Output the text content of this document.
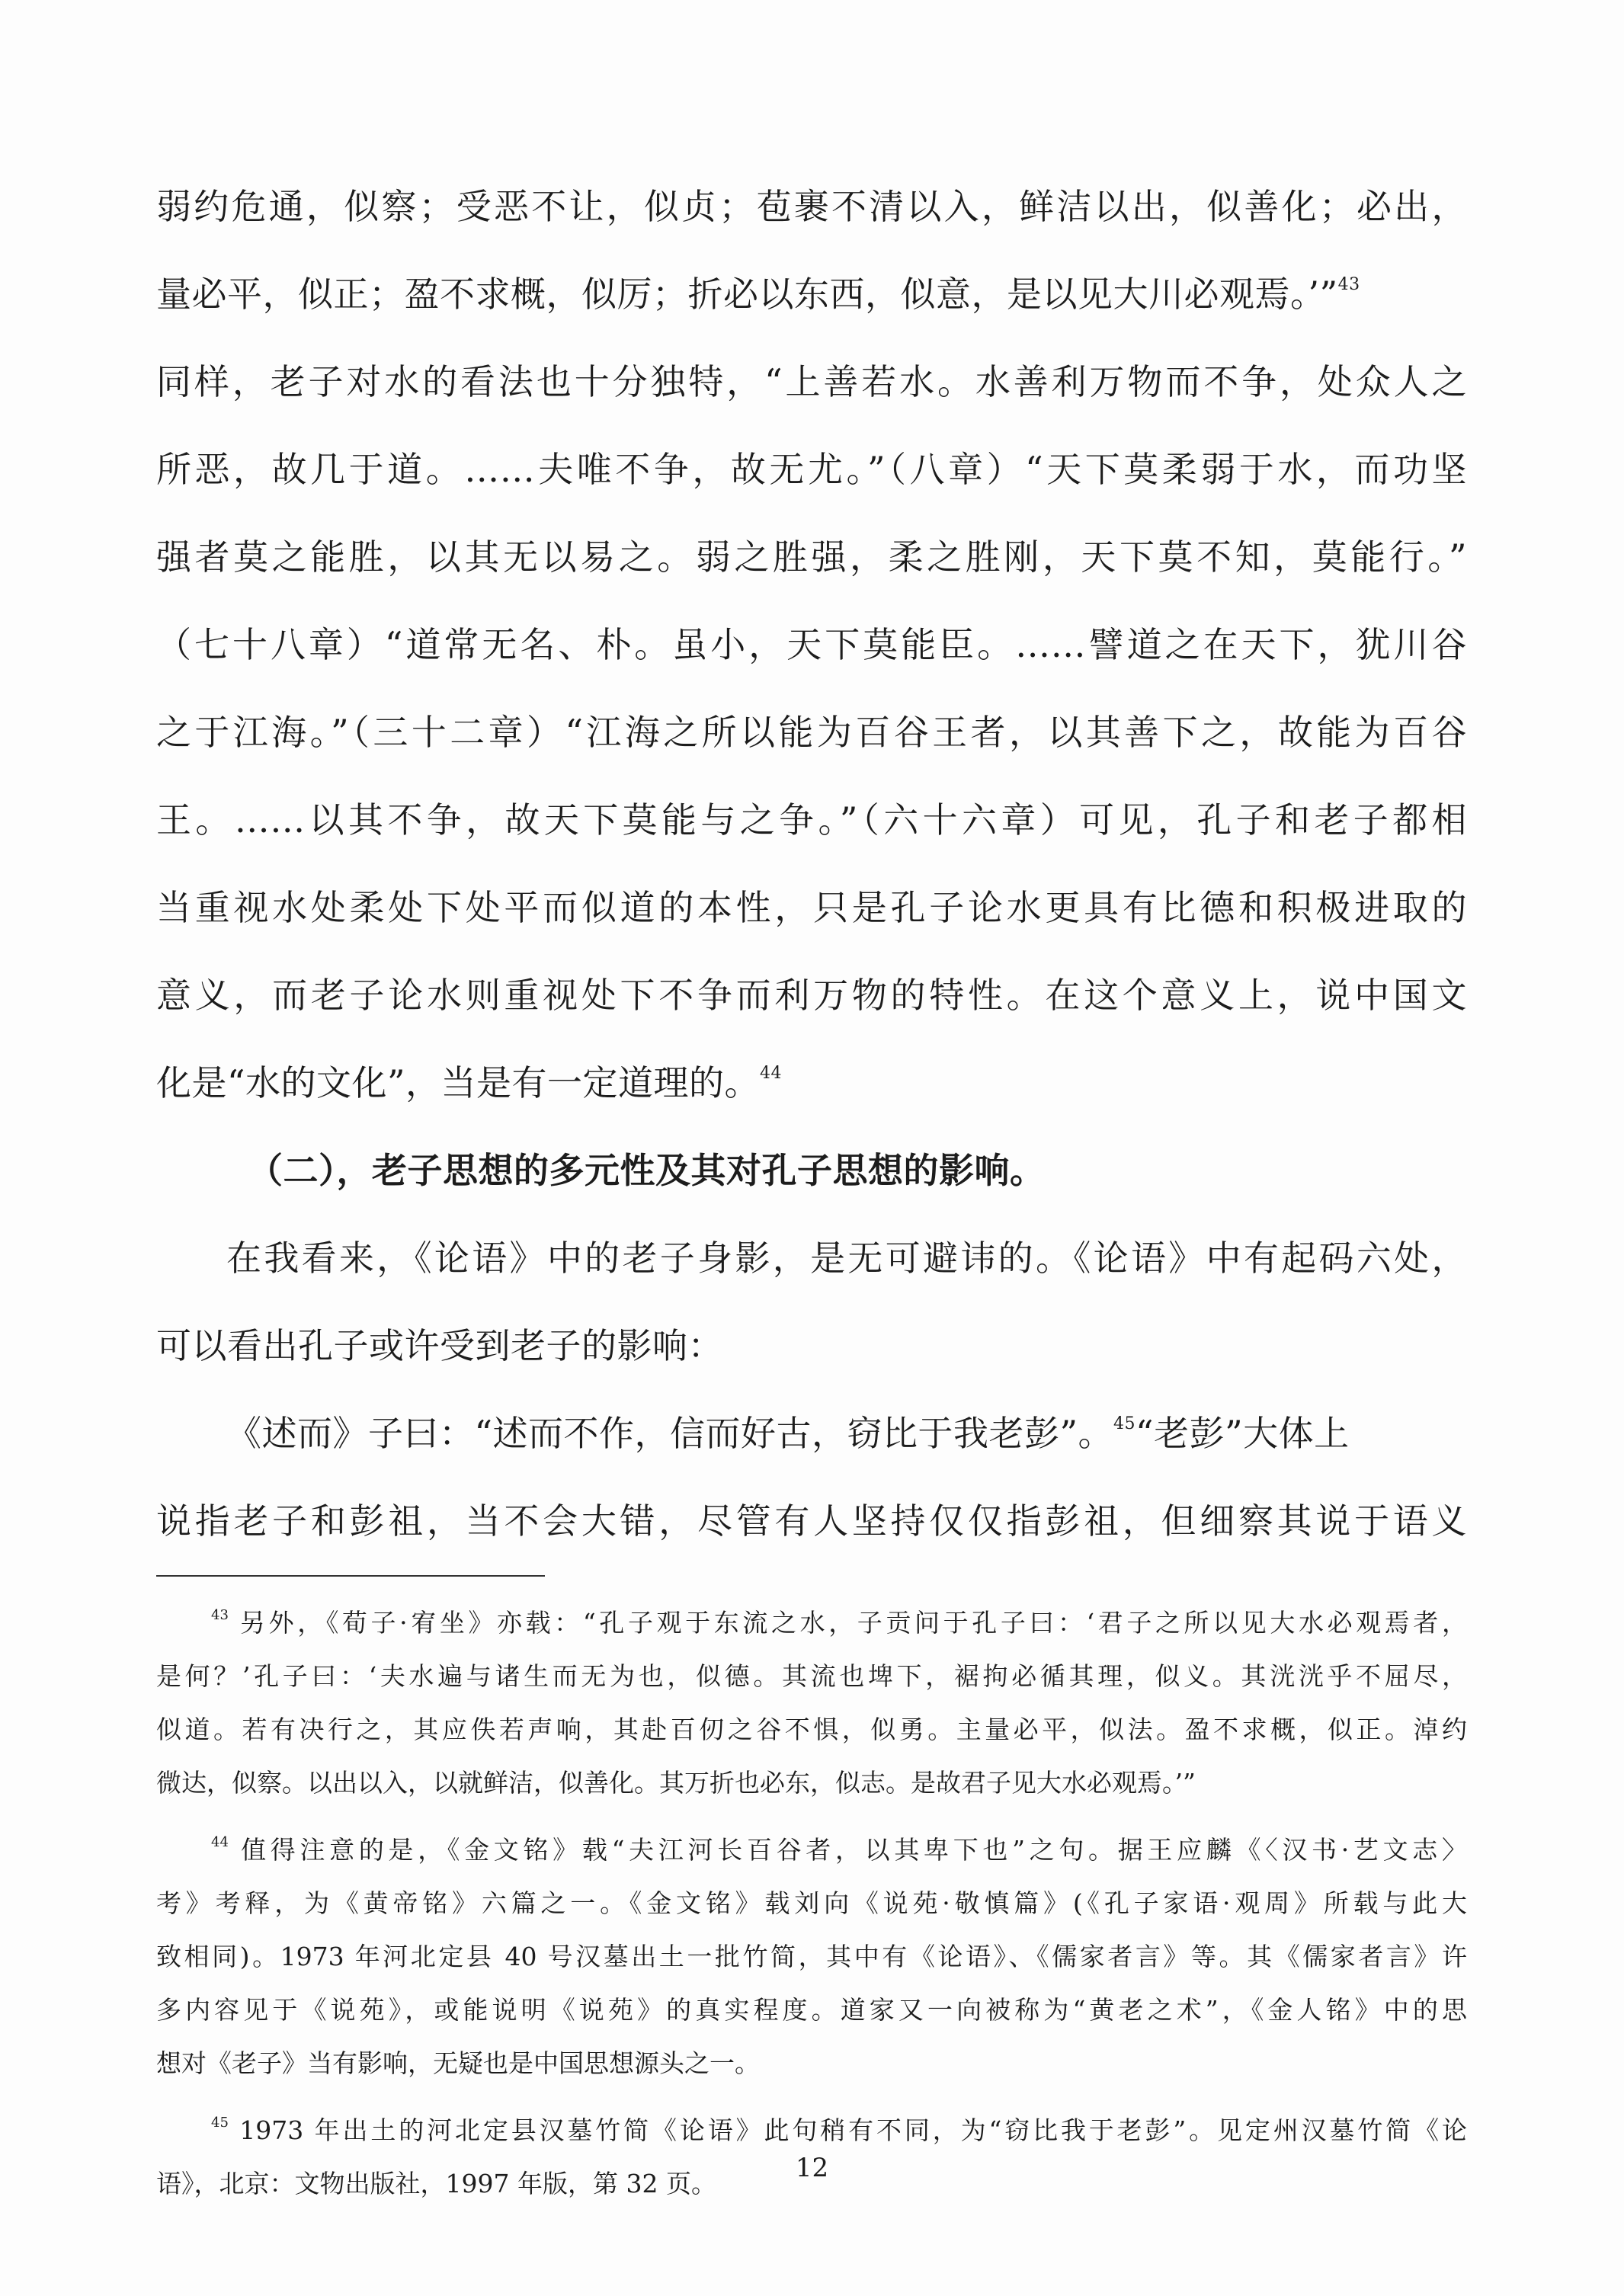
弱约危通，似察；受恶不让，似贞；苞裹不清以入，鲜洁以出，似善化；必出，
量必平，似正；盈不求概，似厉；折必以东西，似意，是以见大川必观焉。’”$^{43}$
同样，老子对水的看法也十分独特，“上善若水。水善利万物而不争，处众人之
所恶，故几于道。……夫唯不争，故无尤。”（八章）“天下莫柔弱于水，而功坚
强者莫之能胜，以其无以易之。弱之胜强，柔之胜刚，天下莫不知，莫能行。”
（七十八章）“道常无名、朴。虽小，天下莫能臣。……譬道之在天下，犹川谷
之于江海。”（三十二章）“江海之所以能为百谷王者，以其善下之，故能为百谷
王。……以其不争，故天下莫能与之争。”（六十六章）可见，孔子和老子都相
当重视水处柔处下处平而似道的本性，只是孔子论水更具有比德和积极进取的
意义，而老子论水则重视处下不争而利万物的特性。在这个意义上，说中国文
化是“水的文化”，当是有一定道理的。$^{44}$
（二），老子思想的多元性及其对孔子思想的影响。
在我看来，《论语》中的老子身影，是无可避讳的。《论语》中有起码六处，
可以看出孔子或许受到老子的影响：
《述而》子曰：“述而不作，信而好古，窃比于我老彭”。$^{45}$“老彭”大体上
说指老子和彭祖，当不会大错，尽管有人坚持仅仅指彭祖，但细察其说于语义
$^{43}$ 另外，《荀子·宥坐》亦载：“孔子观于东流之水，子贡问于孔子曰：‘君子之所以见大水必观焉者，
是何？’孔子曰：‘夫水遍与诸生而无为也，似德。其流也埤下，裾拘必循其理，似义。其洸洸乎不屈尽，
似道。若有决行之，其应佚若声响，其赴百仞之谷不惧，似勇。主量必平，似法。盈不求概，似正。淖约
微达，似察。以出以入，以就鲜洁，似善化。其万折也必东，似志。是故君子见大水必观焉。’”
$^{44}$ 值得注意的是，《金文铭》载“夫江河长百谷者，以其卑下也”之句。据王应麟《〈汉书·艺文志〉
考》考释，为《黄帝铭》六篇之一。《金文铭》载刘向《说苑·敬慎篇》(《孔子家语·观周》所载与此大
致相同)。1973 年河北定县 40 号汉墓出土一批竹简，其中有《论语》、《儒家者言》等。其《儒家者言》许
多内容见于《说苑》，或能说明《说苑》的真实程度。道家又一向被称为“黄老之术”，《金人铭》中的思
想对《老子》当有影响，无疑也是中国思想源头之一。
$^{45}$ 1973 年出土的河北定县汉墓竹简《论语》此句稍有不同，为“窃比我于老彭”。见定州汉墓竹简《论
语》，北京：文物出版社，1997 年版，第 32 页。
12
